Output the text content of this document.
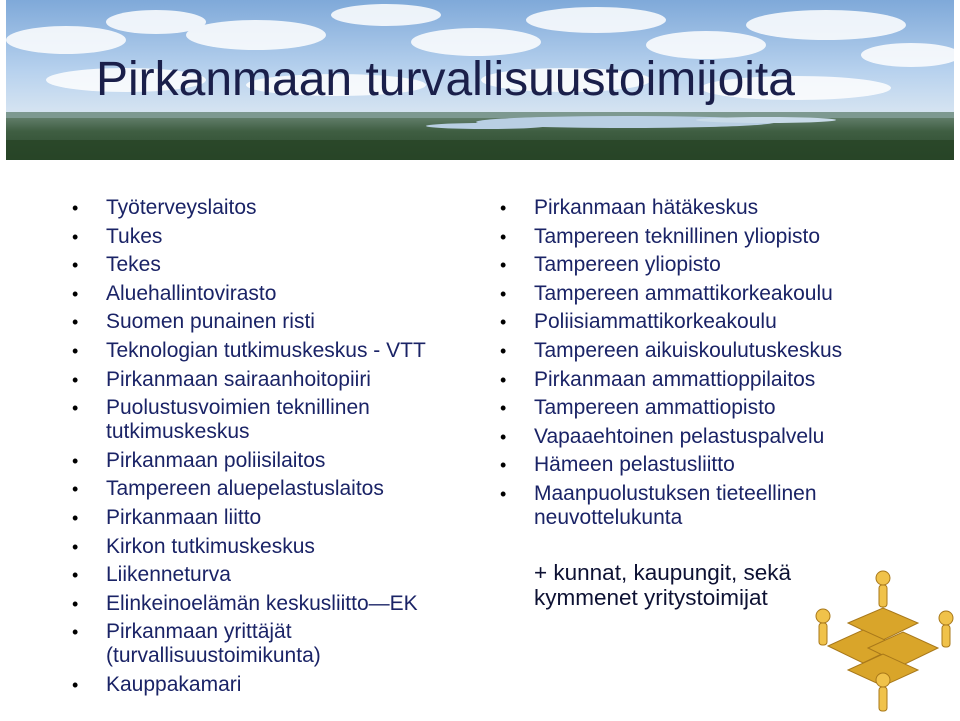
Pirkanmaan turvallisuustoimijoita
• Työterveyslaitos
• Tukes
• Tekes
• Aluehallintovirasto
• Suomen punainen risti
• Teknologian tutkimuskeskus - VTT
• Pirkanmaan sairaanhoitopiiri
• Puolustusvoimien teknillinen tutkimuskeskus
• Pirkanmaan poliisilaitos
• Tampereen aluepelastuslaitos
• Pirkanmaan liitto
• Kirkon tutkimuskeskus
• Liikenneturva
• Elinkeinoelämän keskusliitto—EK
• Pirkanmaan yrittäjät (turvallisuustoimikunta)
• Kauppakamari
• Pirkanmaan hätäkeskus
• Tampereen teknillinen yliopisto
• Tampereen yliopisto
• Tampereen ammattikorkeakoulu
• Poliisiammattikorkeakoulu
• Tampereen aikuiskoulutuskeskus
• Pirkanmaan ammattioppilaitos
• Tampereen ammattiopisto
• Vapaaehtoinen pelastuspalvelu
• Hämeen pelastusliitto
• Maanpuolustuksen tieteellinen neuvottelukunta

+ kunnat, kaupungit, sekä kymmenet yritystoimijat
